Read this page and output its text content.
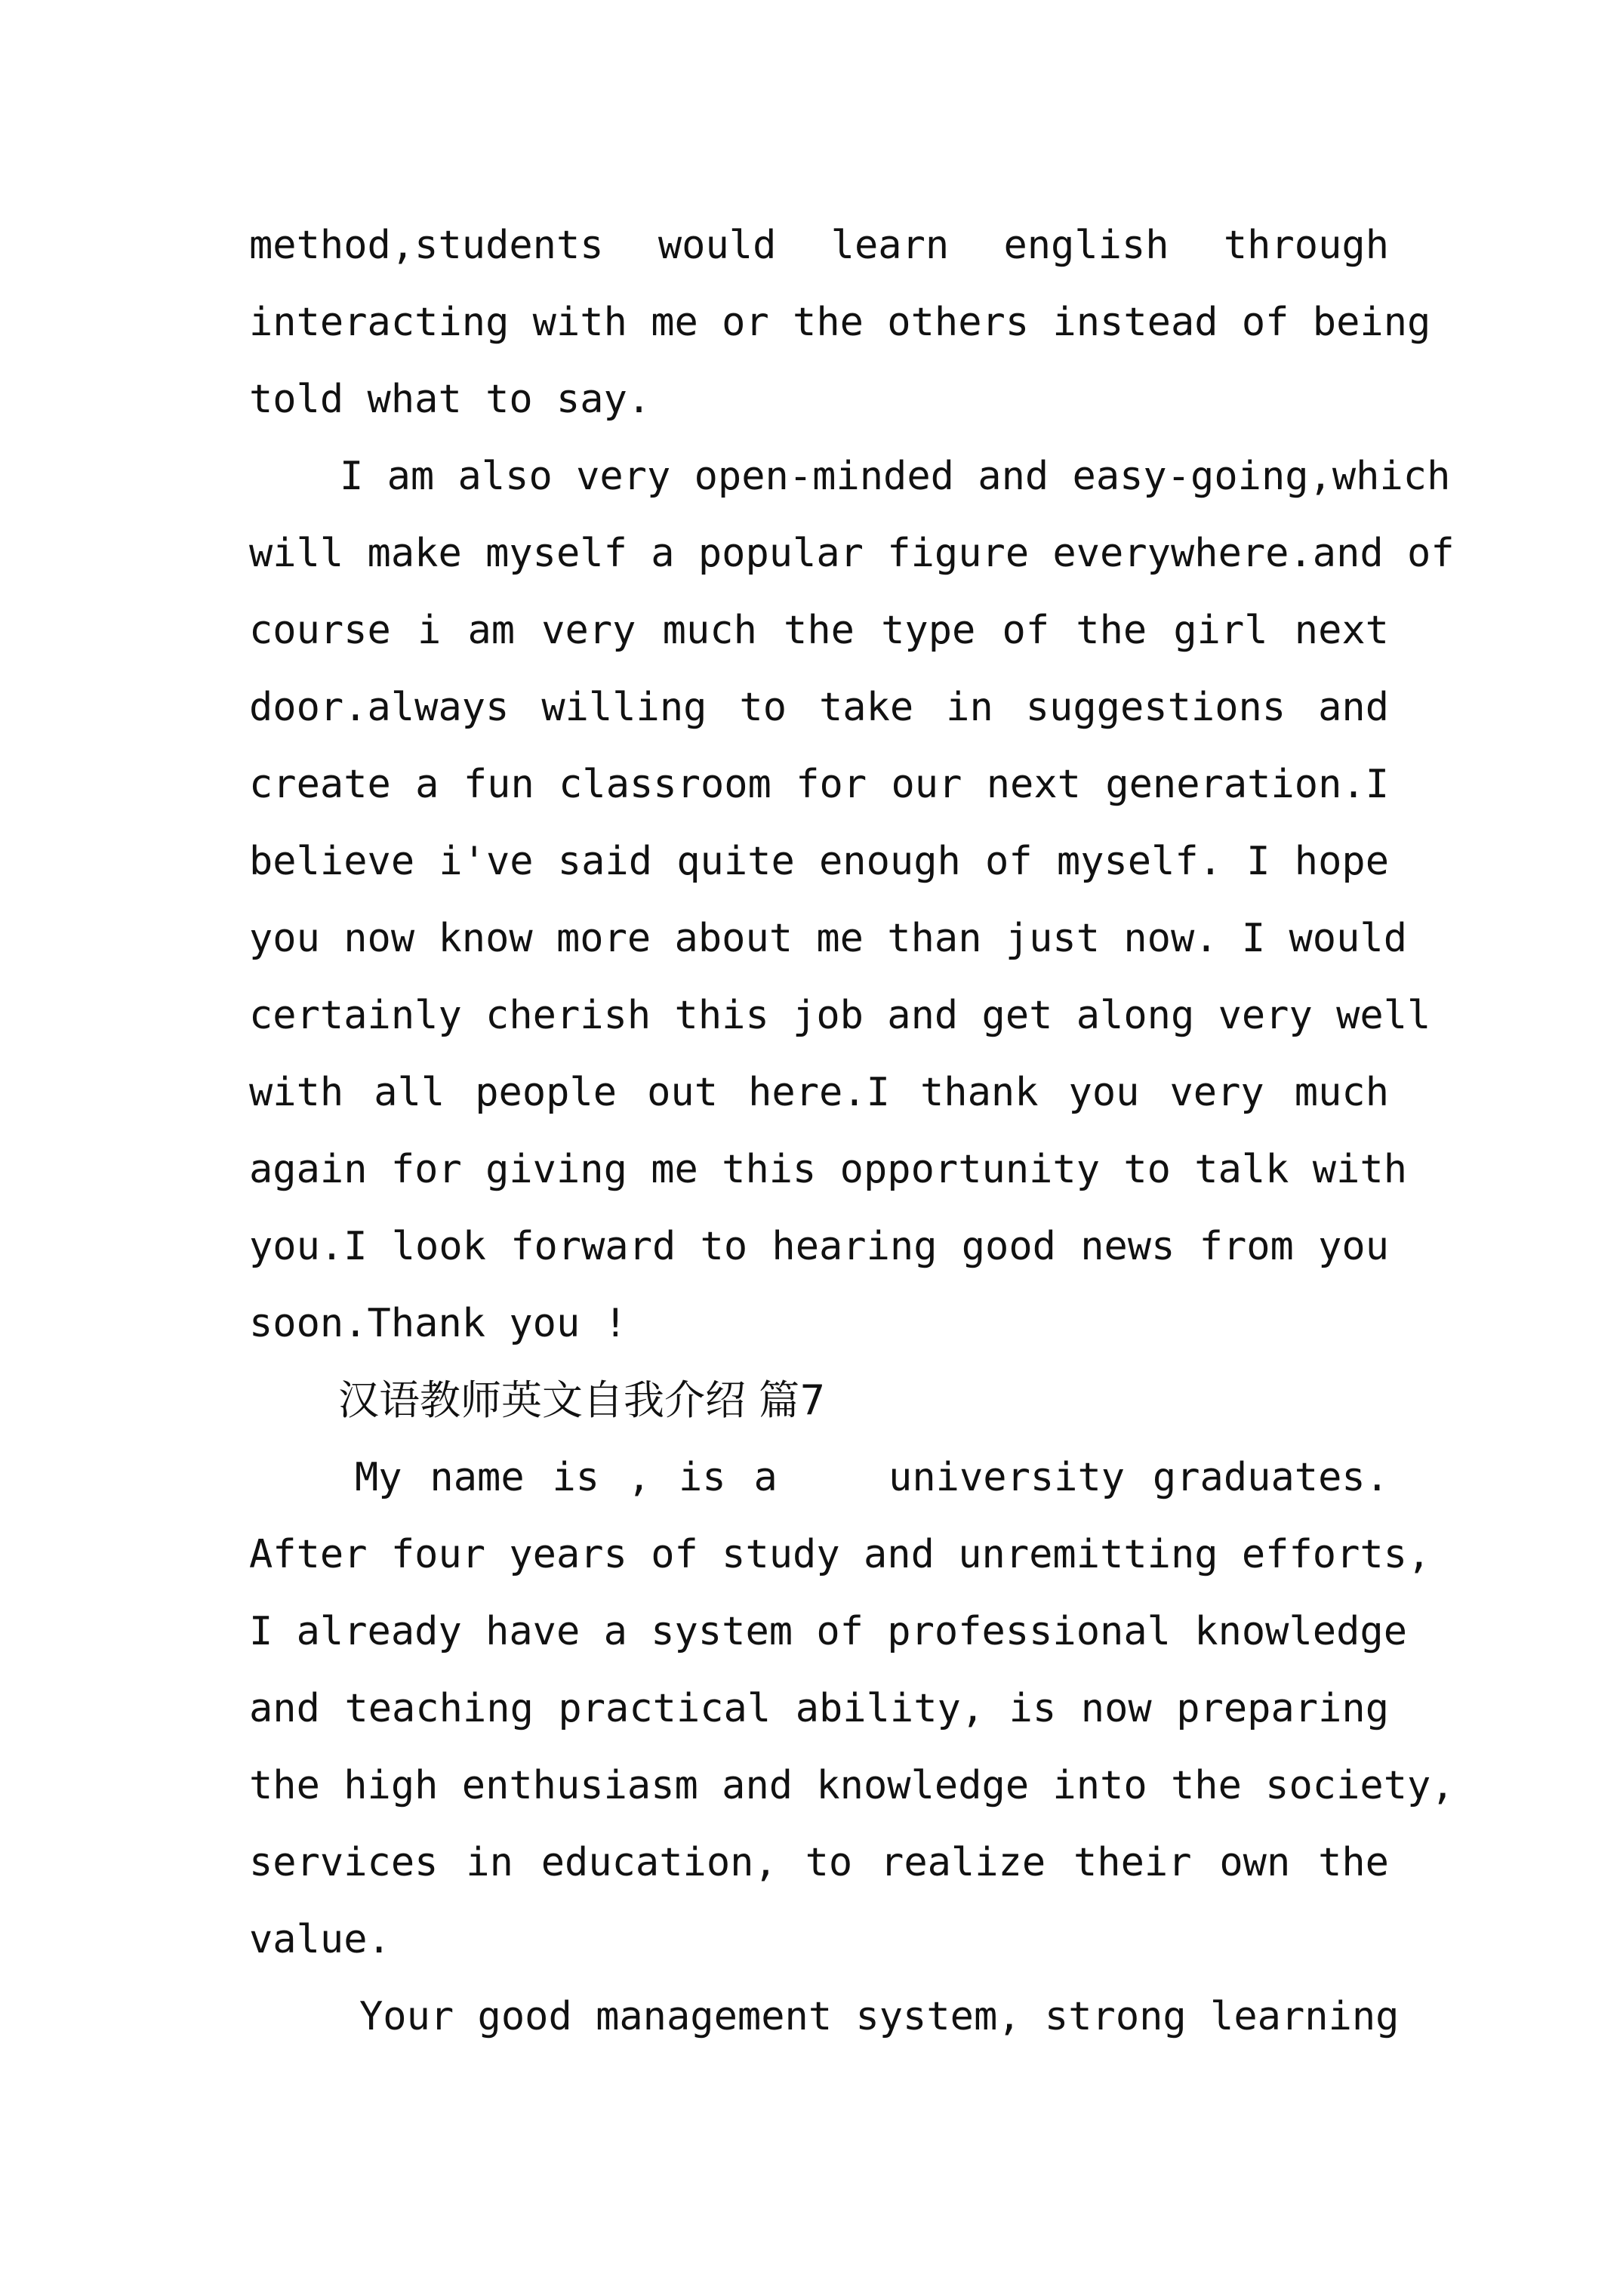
method,students would learn english through
interacting with me or the others instead of being
told what to say.
I am also very open-minded and easy-going,which
will make myself a popular figure everywhere.and of
course i am very much the type of the girl next
door.always willing to take in suggestions and
create a fun classroom for our next generation.I
believe i've said quite enough of myself. I hope
you now know more about me than just now. I would
certainly cherish this job and get along very well
with all people out here.I thank you very much
again for giving me this opportunity to talk with
you.I look forward to hearing good news from you
soon.Thank you !
汉语教师英文自我介绍 篇7
My name is , is a    university graduates.
After four years of study and unremitting efforts,
I already have a system of professional knowledge
and teaching practical ability, is now preparing
the high enthusiasm and knowledge into the society,
services in education, to realize their own the
value.
Your good management system, strong learning
